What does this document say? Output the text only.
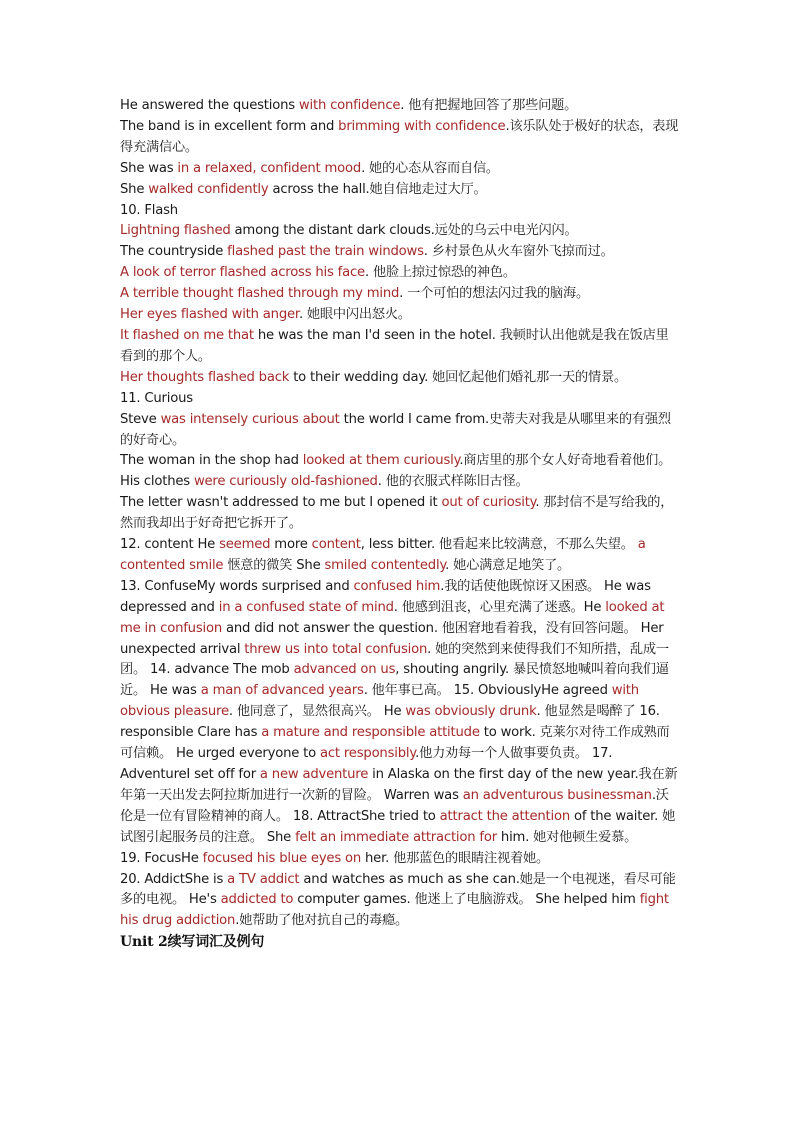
He answered the questions with confidence. 他有把握地回答了那些问题。

The band is in excellent form and brimming with confidence.该乐队处于极好的状态，表现得充满信心。

She was in a relaxed, confident mood. 她的心态从容而自信。

She walked confidently across the hall.她自信地走过大厅。

10. Flash

Lightning flashed among the distant dark clouds.远处的乌云中电光闪闪。

The countryside flashed past the train windows. 乡村景色从火车窗外飞掠而过。

A look of terror flashed across his face. 他脸上掠过惊恐的神色。

A terrible thought flashed through my mind. 一个可怕的想法闪过我的脑海。

Her eyes flashed with anger. 她眼中闪出怒火。

It flashed on me that he was the man I'd seen in the hotel. 我顿时认出他就是我在饭店里看到的那个人。

Her thoughts flashed back to their wedding day. 她回忆起他们婚礼那一天的情景。

11. Curious

Steve was intensely curious about the world I came from.史蒂夫对我是从哪里来的有强烈的好奇心。

The woman in the shop had looked at them curiously.商店里的那个女人好奇地看着他们。

His clothes were curiously old-fashioned. 他的衣服式样陈旧古怪。

The letter wasn't addressed to me but I opened it out of curiosity. 那封信不是写给我的，然而我却出于好奇把它拆开了。

12. content He seemed more content, less bitter. 他看起来比较满意，不那么失望。 a contented smile 惬意的微笑 She smiled contentedly. 她心满意足地笑了。

13. ConfuseMy words surprised and confused him.我的话使他既惊讶又困惑。 He was depressed and in a confused state of mind. 他感到沮丧，心里充满了迷惑。He looked at me in confusion and did not answer the question. 他困窘地看着我，没有回答问题。 Her unexpected arrival threw us into total confusion. 她的突然到来使得我们不知所措，乱成一团。 14. advance The mob advanced on us, shouting angrily. 暴民愤怒地喊叫着向我们逼近。 He was a man of advanced years. 他年事已高。 15. ObviouslyHe agreed with obvious pleasure. 他同意了，显然很高兴。 He was obviously drunk. 他显然是喝醉了 16. responsible Clare has a mature and responsible attitude to work. 克莱尔对待工作成熟而可信赖。 He urged everyone to act responsibly.他力劝每一个人做事要负责。 17. AdventureI set off for a new adventure in Alaska on the first day of the new year.我在新年第一天出发去阿拉斯加进行一次新的冒险。 Warren was an adventurous businessman.沃伦是一位有冒险精神的商人。 18. AttractShe tried to attract the attention of the waiter. 她试图引起服务员的注意。 She felt an immediate attraction for him. 她对他顿生爱慕。

19. FocusHe focused his blue eyes on her. 他那蓝色的眼睛注视着她。

20. AddictShe is a TV addict and watches as much as she can.她是一个电视迷，看尽可能多的电视。 He's addicted to computer games. 他迷上了电脑游戏。 She helped him fight his drug addiction.她帮助了他对抗自己的毒瘾。

Unit 2续写词汇及例句
